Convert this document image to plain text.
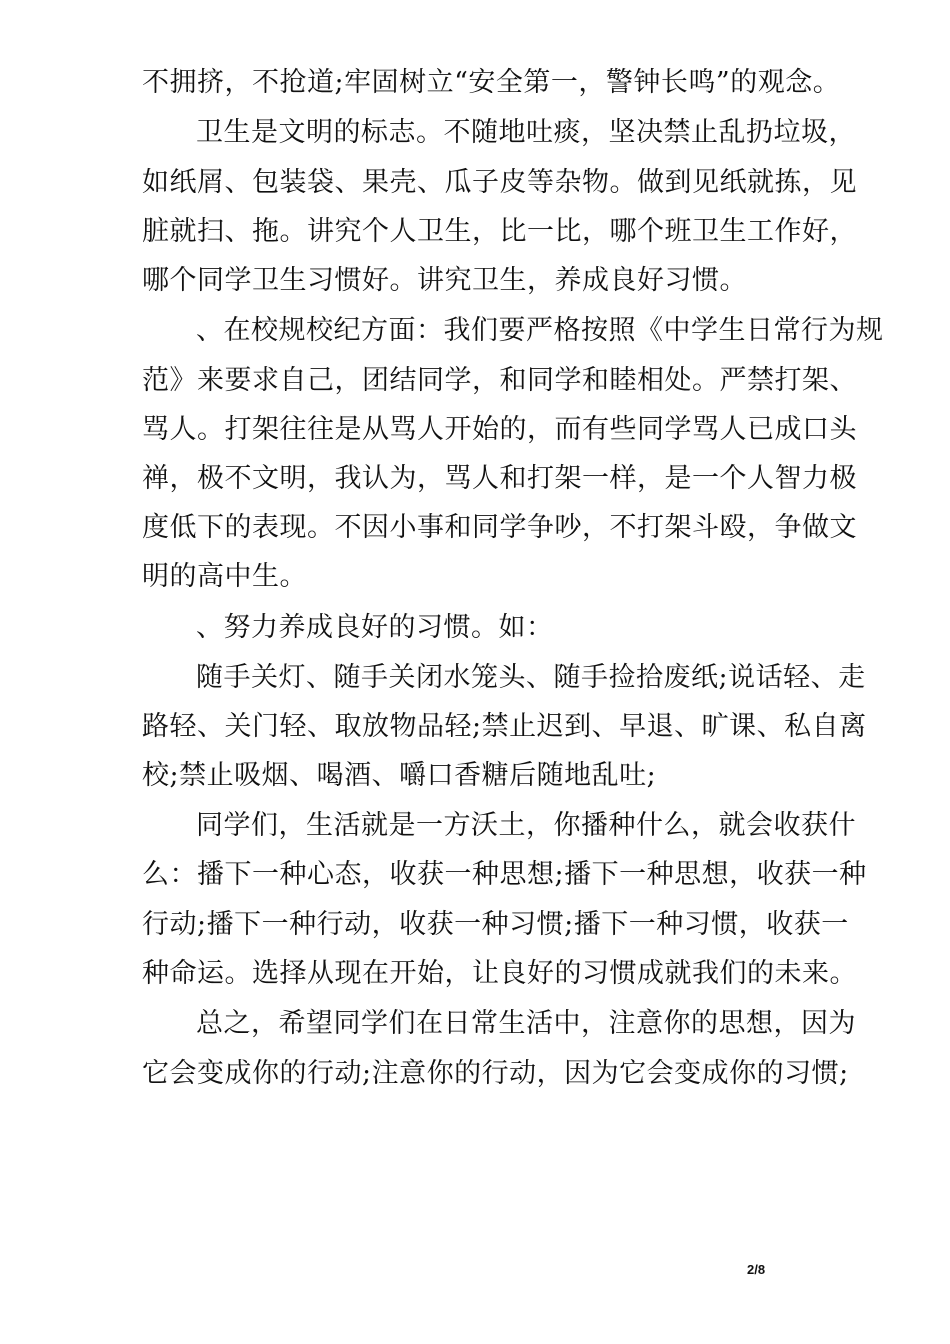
不拥挤，不抢道;牢固树立“安全第一，警钟长鸣”的观念。
卫生是文明的标志。不随地吐痰，坚决禁止乱扔垃圾，
如纸屑、包装袋、果壳、瓜子皮等杂物。做到见纸就拣，见
脏就扫、拖。讲究个人卫生，比一比，哪个班卫生工作好，
哪个同学卫生习惯好。讲究卫生，养成良好习惯。
、在校规校纪方面：我们要严格按照《中学生日常行为规
范》来要求自己，团结同学，和同学和睦相处。严禁打架、
骂人。打架往往是从骂人开始的，而有些同学骂人已成口头
禅，极不文明，我认为，骂人和打架一样，是一个人智力极
度低下的表现。不因小事和同学争吵，不打架斗殴，争做文
明的高中生。
、努力养成良好的习惯。如：
随手关灯、随手关闭水笼头、随手捡拾废纸;说话轻、走
路轻、关门轻、取放物品轻;禁止迟到、早退、旷课、私自离
校;禁止吸烟、喝酒、嚼口香糖后随地乱吐;
同学们，生活就是一方沃土，你播种什么，就会收获什
么：播下一种心态，收获一种思想;播下一种思想，收获一种
行动;播下一种行动，收获一种习惯;播下一种习惯，收获一
种命运。选择从现在开始，让良好的习惯成就我们的未来。
总之，希望同学们在日常生活中，注意你的思想，因为
它会变成你的行动;注意你的行动，因为它会变成你的习惯;
2/8
